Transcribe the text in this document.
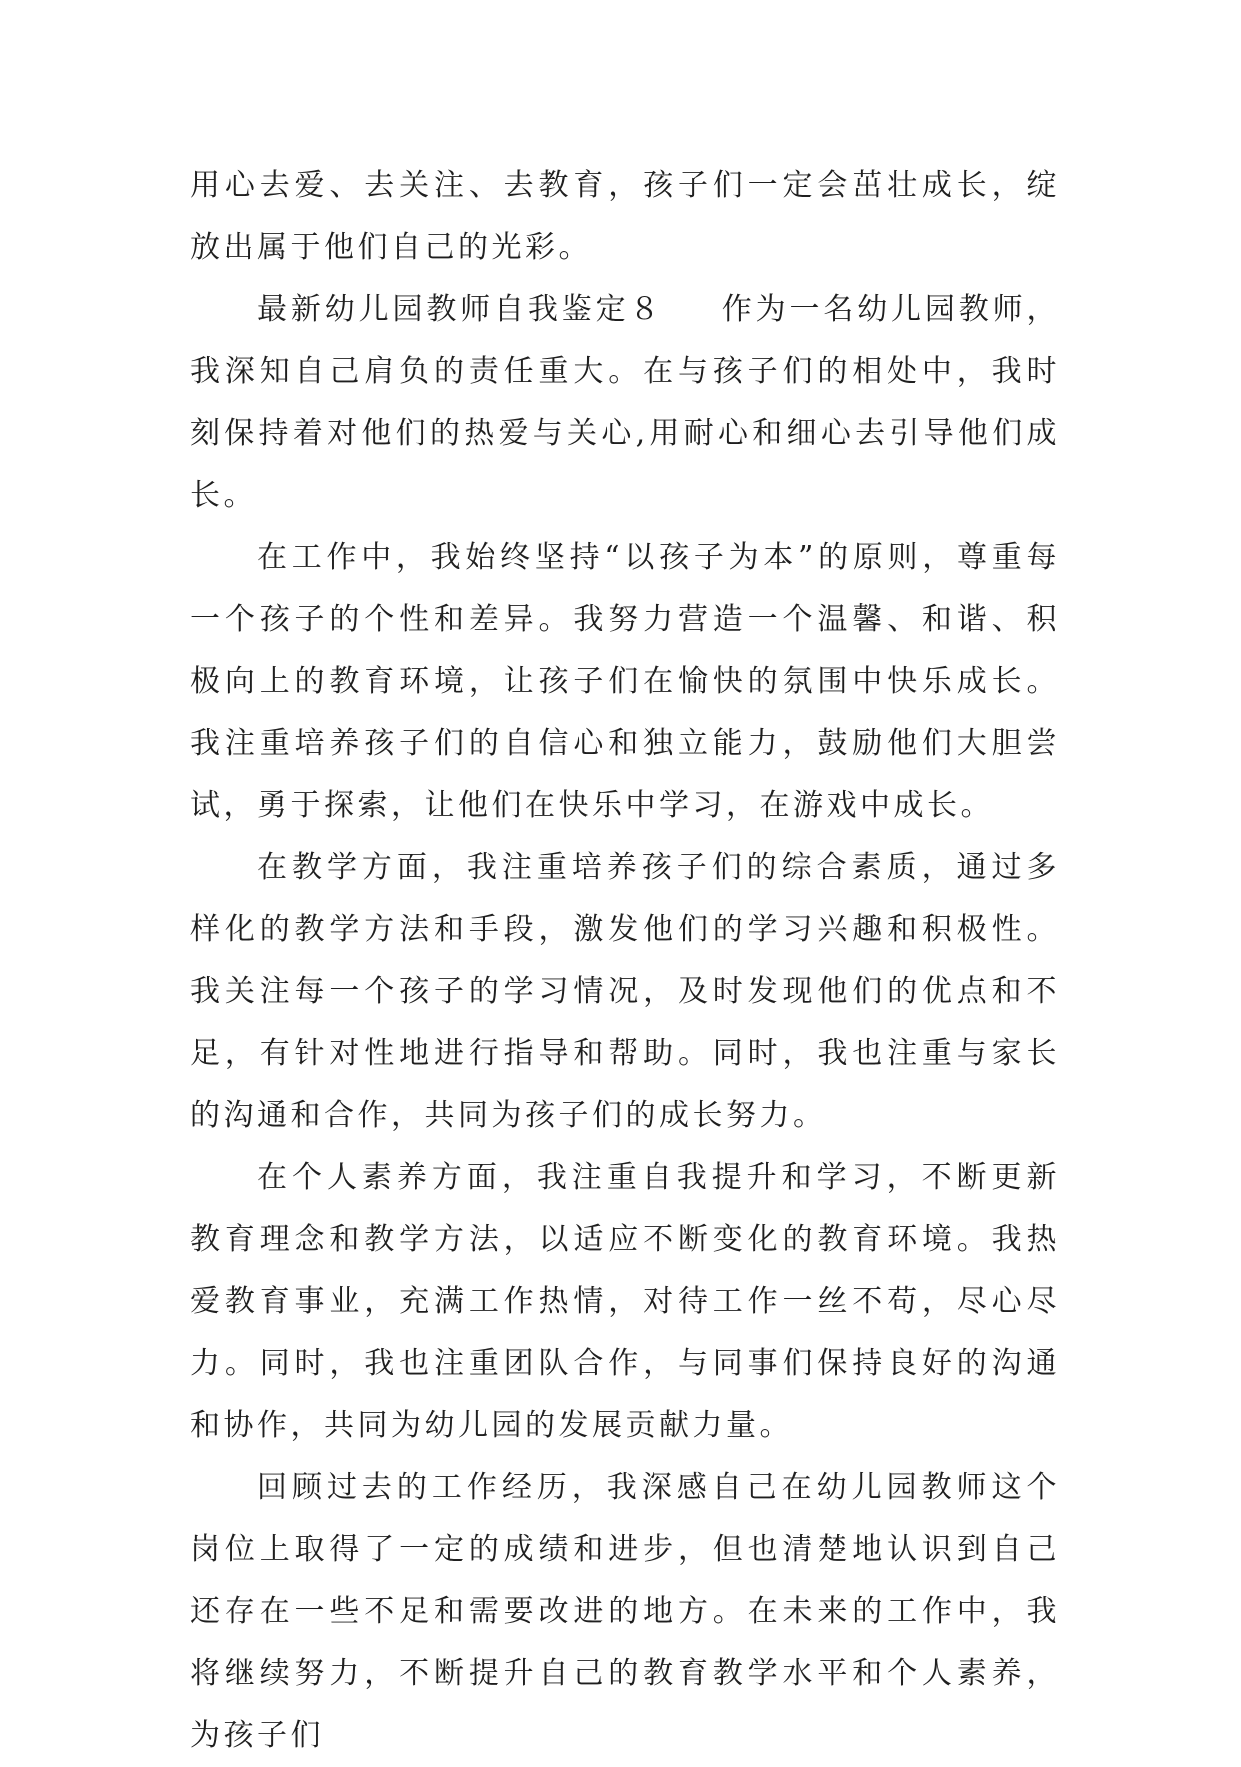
用心去爱、去关注、去教育，孩子们一定会茁壮成长，绽放出属于他们自己的光彩。

最新幼儿园教师自我鉴定８ 作为一名幼儿园教师，我深知自己肩负的责任重大。在与孩子们的相处中，我时刻保持着对他们的热爱与关心,用耐心和细心去引导他们成长。

在工作中，我始终坚持“以孩子为本”的原则，尊重每一个孩子的个性和差异。我努力营造一个温馨、和谐、积极向上的教育环境，让孩子们在愉快的氛围中快乐成长。我注重培养孩子们的自信心和独立能力，鼓励他们大胆尝试，勇于探索，让他们在快乐中学习，在游戏中成长。

在教学方面，我注重培养孩子们的综合素质，通过多样化的教学方法和手段，激发他们的学习兴趣和积极性。我关注每一个孩子的学习情况，及时发现他们的优点和不足，有针对性地进行指导和帮助。同时，我也注重与家长的沟通和合作，共同为孩子们的成长努力。

在个人素养方面，我注重自我提升和学习，不断更新教育理念和教学方法，以适应不断变化的教育环境。我热爱教育事业，充满工作热情，对待工作一丝不苟，尽心尽力。同时，我也注重团队合作，与同事们保持良好的沟通和协作，共同为幼儿园的发展贡献力量。

回顾过去的工作经历，我深感自己在幼儿园教师这个岗位上取得了一定的成绩和进步，但也清楚地认识到自己还存在一些不足和需要改进的地方。在未来的工作中，我将继续努力，不断提升自己的教育教学水平和个人素养，为孩子们
